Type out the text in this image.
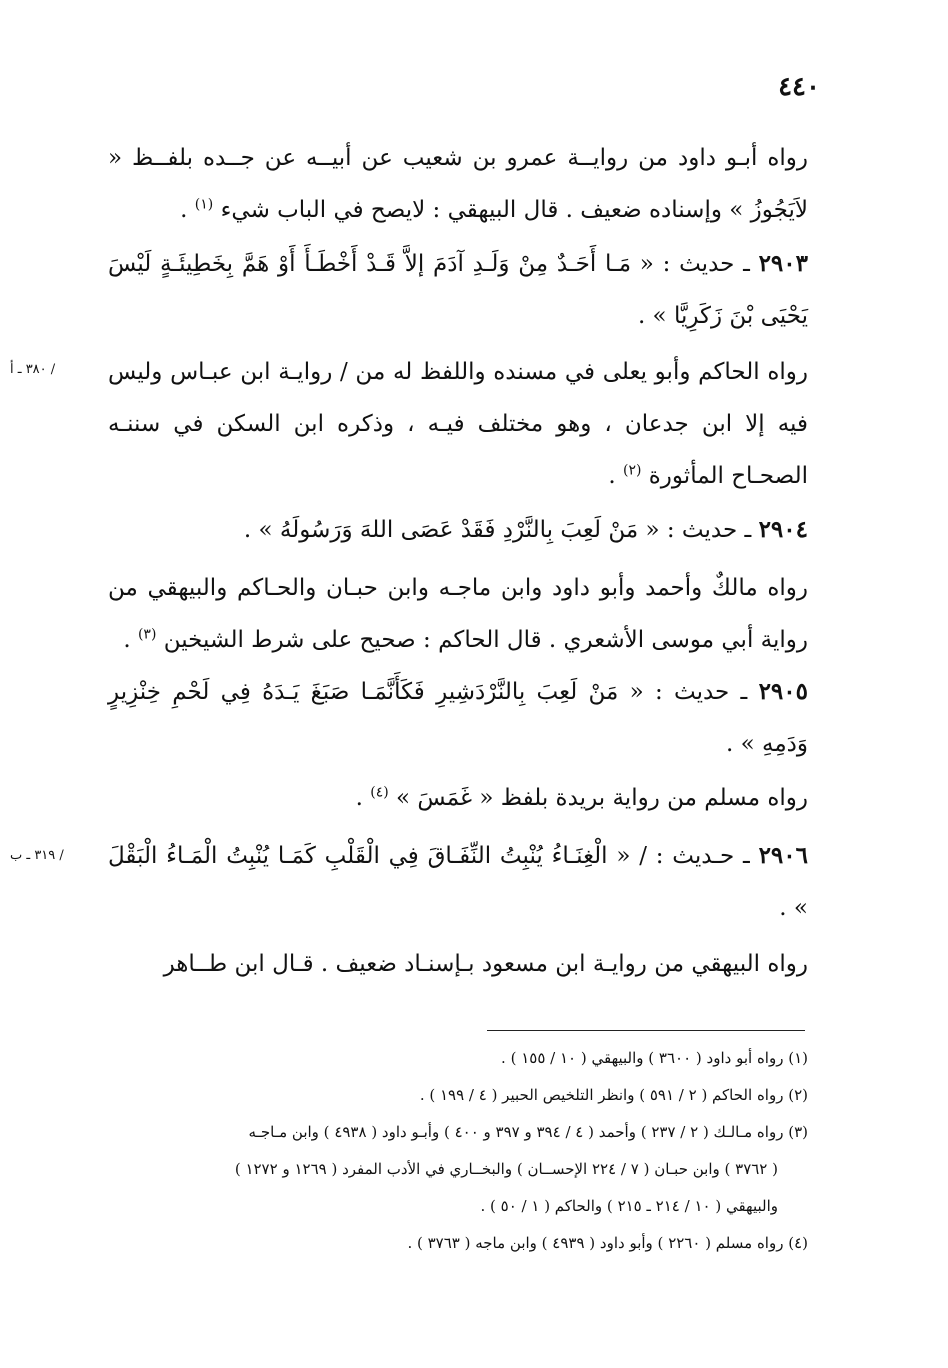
٤٤٠
رواه أبـو داود من روايــة عمرو بن شعيب عن أبيــه عن جــده بلفــظ « لاَيَجُوزُ » وإسناده ضعيف . قال البيهقي : لايصح في الباب شيء $^{(١)}$ .
٢٩٠٣ ـ حديث : « مَـا أَحَـدٌ مِنْ وَلَـدِ آدَمَ إلاَّ قَـدْ أَخْطَـأَ أَوْ هَمَّ بِخَطِيئَـةٍ لَيْسَ يَحْيَى بْنَ زَكَرِيَّا » .
رواه الحاكم وأبو يعلى في مسنده واللفظ له من / روايـة ابن عبـاس وليس فيه إلا ابن جدعان ، وهو مختلف فيـه ، وذكره ابن السكن في سننـه الصحـاح المأثورة $^{(٢)}$ .
/ ٣٨٠ ـ أ
٢٩٠٤ ـ حديث : « مَنْ لَعِبَ بِالنَّرْدِ فَقَدْ عَصَى اللهَ وَرَسُولَهُ » .
رواه مالكٌ وأحمد وأبو داود وابن ماجـه وابن حبـان والحـاكم والبيهقي من رواية أبي موسى الأشعري . قال الحاكم : صحيح على شرط الشيخين $^{(٣)}$ .
٢٩٠٥ ـ حديث : « مَنْ لَعِبَ بِالنَّرْدَشِيرِ فَكَأَنَّمَـا صَبَغَ يَـدَهُ فِي لَحْمِ خِنْزِيرٍ وَدَمِهِ » .
رواه مسلم من رواية بريدة بلفظ « غَمَسَ » $^{(٤)}$ .
٢٩٠٦ ـ حـديث : / « الْغِنَـاءُ يُنْبِتُ النِّفَـاقَ فِي الْقَلْبِ كَمَـا يُنْبِتُ الْمَـاءُ الْبَقْلَ » .
/ ٣١٩ ـ ب
رواه البيهقي من روايـة ابن مسعود بـإسنـاد ضعيف . قـال ابن طــاهر

(١) رواه أبو داود ( ٣٦٠٠ ) والبيهقي ( ١٠ / ١٥٥ ) .

(٢) رواه الحاكم ( ٢ / ٥٩١ ) وانظر التلخيص الحبير ( ٤ / ١٩٩ ) .

(٣) رواه مـالـك ( ٢ / ٢٣٧ ) وأحمد ( ٤ / ٣٩٤ و ٣٩٧ و ٤٠٠ ) وأبـو داود ( ٤٩٣٨ ) وابن مـاجـه

( ٣٧٦٢ ) وابن حبـان ( ٧ / ٢٢٤ الإحســان ) والبخــاري في الأدب المفرد ( ١٢٦٩ و ١٢٧٢ )

والبيهقي ( ١٠ / ٢١٤ ـ ٢١٥ ) والحاكم ( ١ / ٥٠ ) .

(٤) رواه مسلم ( ٢٢٦٠ ) وأبو داود ( ٤٩٣٩ ) وابن ماجه ( ٣٧٦٣ ) .
